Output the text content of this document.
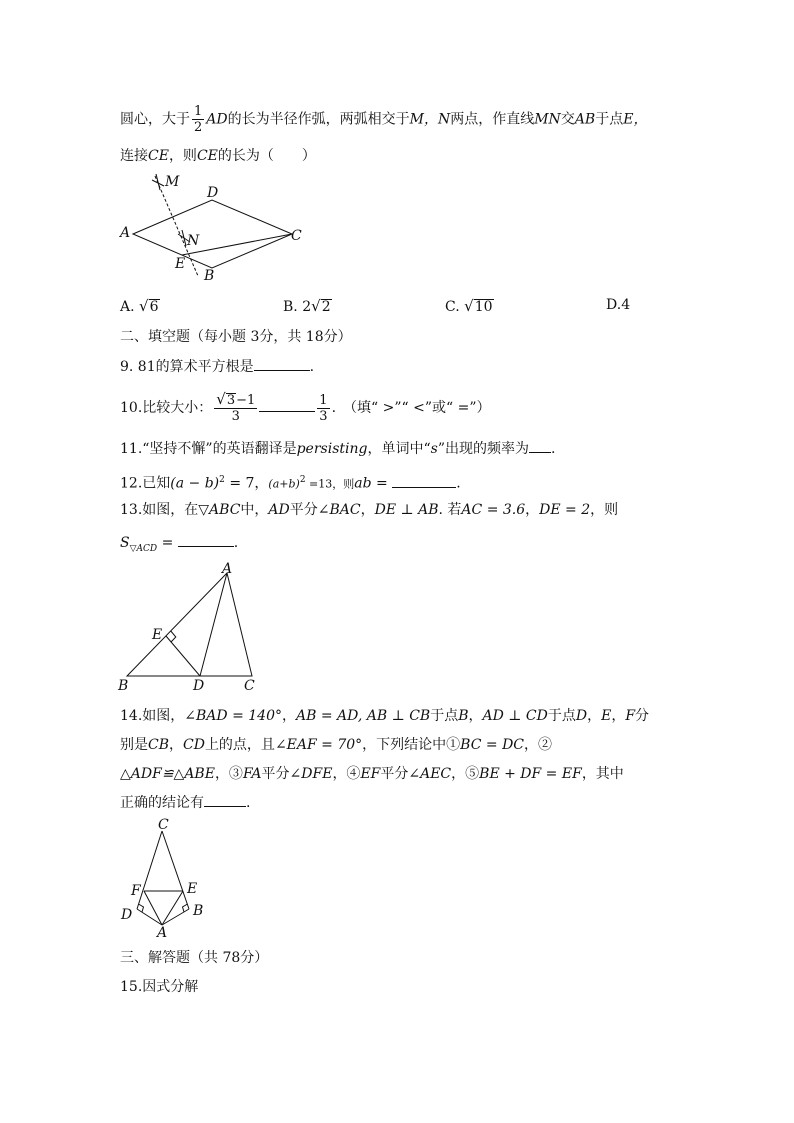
圆心，大于 $\frac{1}{2}$ AD的长为半径作弧，两弧相交于M，N两点，作直线MN交AB于点E，
连接CE，则CE的长为（　　）
M
D
A	N	C
E
B
A. √6	B. 2√2	C. √10	D.4
二、填空题（每小题 3分，共 18分）
9. 81的算术平方根是	.
10.比较大小： $\frac{√3-1}{3}$	$\frac{1}{3}$ .　（填“ >”“ <”或“ =”）
11.“坚持不懈”的英语翻译是persisting，单词中“s”出现的频率为 .
12.已知$(a - b)^2 = 7$，$(a+b)^2 =13$，则ab =	.
13.如图，在▽ABC中，AD平分∠BAC，DE ⊥ AB. 若AC = 3.6，DE = 2，则
$S_{▽ACD}$ =	.
A
E
B	D	C
14.如图，∠BAD = 140°，AB = AD, AB ⊥ CB于点B，AD ⊥ CD于点D，E，F分
别是CB，CD上的点，且∠EAF = 70°，下列结论中①BC = DC，②
△ADF≌△ABE，③FA平分∠DFE，④EF平分∠AEC，⑤BE + DF = EF，其中
正确的结论有	.
C
F	E
D	B
A
三、解答题（共 78分）
15.因式分解
